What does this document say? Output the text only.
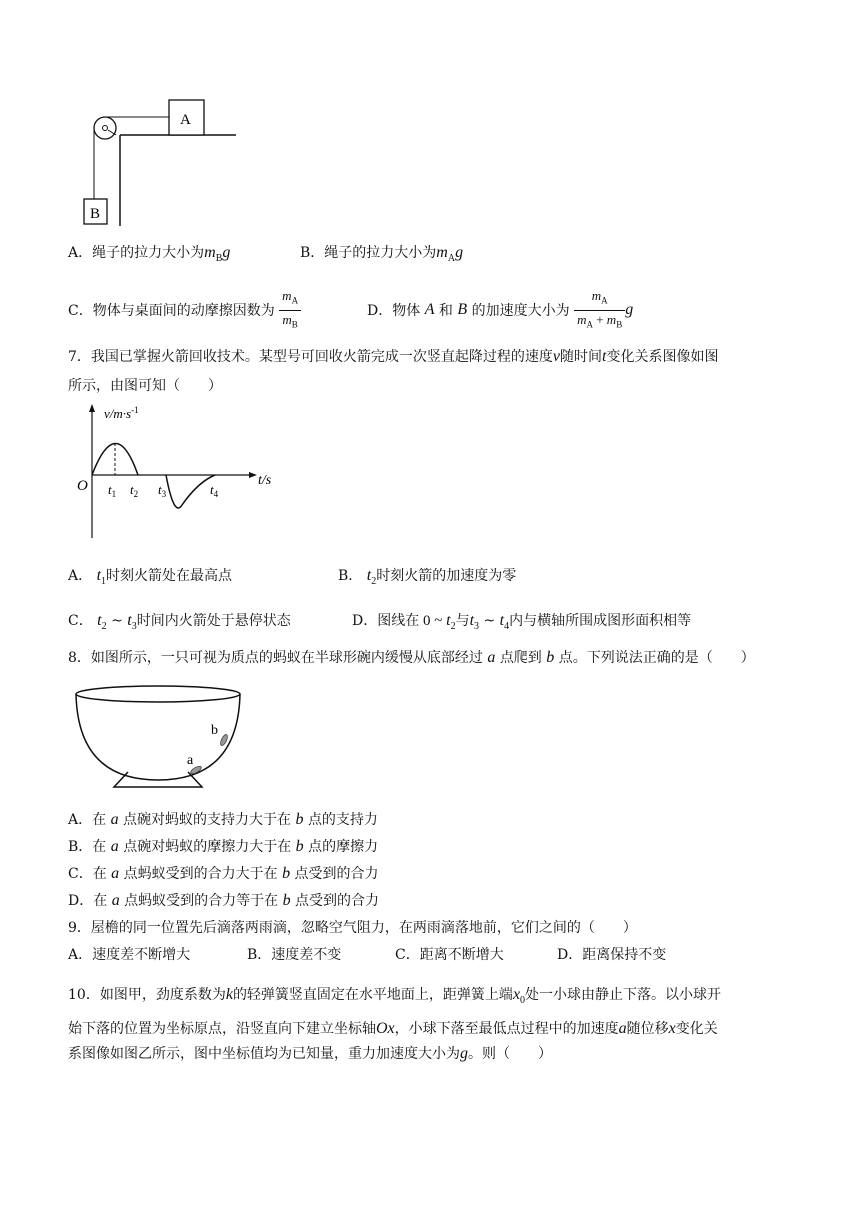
A
B
A．绳子的拉力大小为$m_Bg$	B．绳子的拉力大小为$m_Ag$
C．物体与桌面间的动摩擦因数为 $\frac{m_A}{m_B}$	D．物体 A 和 B 的加速度大小为 $\frac{m_A}{m_A + m_B}$ g
7．我国已掌握火箭回收技术。某型号可回收火箭完成一次竖直起降过程的速度v随时间t变化关系图像如图
所示，由图可知（　　）
$v/m\cdot s^{-1}$
t/s
O $t_1$ $t_2$ $t_3$	$t_4$
A． $t_1$时刻火箭处在最高点	B． $t_2$时刻火箭的加速度为零
C． $t_2$ ~ $t_3$时间内火箭处于悬停状态	D．图线在 0 ~ $t_2$与$t_3$ ~ $t_4$内与横轴所围成图形面积相等
8．如图所示，一只可视为质点的蚂蚁在半球形碗内缓慢从底部经过 a 点爬到 b 点。下列说法正确的是（　　）
a
b
A．在 a 点碗对蚂蚁的支持力大于在 b 点的支持力
B．在 a 点碗对蚂蚁的摩擦力大于在 b 点的摩擦力
C．在 a 点蚂蚁受到的合力大于在 b 点受到的合力
D．在 a 点蚂蚁受到的合力等于在 b 点受到的合力
9．屋檐的同一位置先后滴落两雨滴，忽略空气阻力，在两雨滴落地前，它们之间的（　　）
A．速度差不断增大	B．速度差不变	C．距离不断增大	D．距离保持不变
10．如图甲，劲度系数为k的轻弹簧竖直固定在水平地面上，距弹簧上端$x_0$处一小球由静止下落。以小球开
始下落的位置为坐标原点，沿竖直向下建立坐标轴Ox，小球下落至最低点过程中的加速度a随位移x变化关
系图像如图乙所示，图中坐标值均为已知量，重力加速度大小为g。则（　　）
